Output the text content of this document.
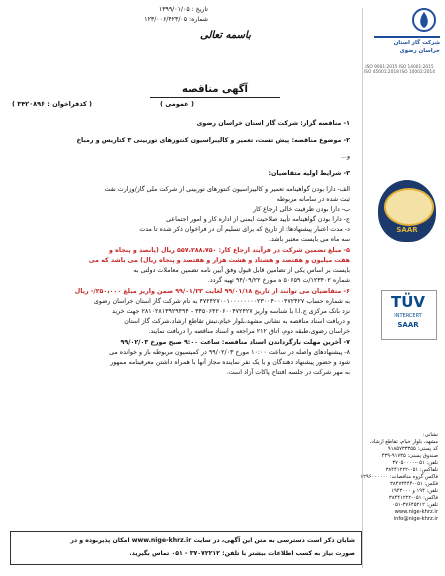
تاریخ : ۱۳۹۹/۰۱/۰۵
شماره: ۱۲۳/۰۰۶/۴۲۳/۰۵
باسمه تعالی
شرکت گاز استان
خراسان رضوی
آگهی مناقصه
( عمومی )
( کدفراخوان : ۳۴۲۰۸۹۶ )
۱- مناقصه گزار: شرکت گاز استان خراسان رضوی
۲- موضوع مناقصه: پیش تست، تعمیر و کالیبراسیون کنتورهای توربینی ۳ کتاریس و رمباخ
و...
۳- شرایط اولیه متقاضیان:
الف- دارا بودن گواهینامه تعمیر و کالیبراسیون کنتورهای توربینی از شرکت ملی گاز/وزارت نفت
ثبت شده در سامانه مربوطه
ب- دارا بودن ظرفیت خالی ارجاع کار
ج- دارا بودن گواهینامه تأیید صلاحیت ایمنی از اداره کار و امور اجتماعی
د- مدت اعتبار پیشنهادها: از تاریخ که برای تسلیم آن در فراخوان ذکر شده تا مدت
سه ماه می بایست معتبر باشد.
۵- مبلغ تضمین شرکت در فرآیند ارجاع کار: ۵۵۷،۲۸۸،۷۵۰ ریال (پانصد و پنجاه و
هفت میلیون و هفتصد و هشتاد و هشت هزار و هفتصد و پنجاه ریال) می باشد که می
بایست بر اساس یکی از تضامین قابل قبول وفق آیین نامه تضمین معاملات دولتی به
شماره ۱۲۳۴۰۲/ت ۵۰۶۵۹ ه مورخ ۹۴/۰۹/۲۲ تهیه گردد.
۶- متقاضیان می توانند از تاریخ ۹۹/۰۱/۱۸ لغایت ۹۹/۰۱/۲۳ ضمن واریز مبلغ ۲۵۰،۰۰۰/- ریال
به شماره حساب ۴۷۲۴۲۷۰۰۱۰۰۰۰۰۰۰۰۲۳۰۰۴۰۰۰۴۷۲۴۲۷ به نام شرکت گاز استان خراسان رضوی
نزد بانک مرکزی ج.ا.ا با شناسه واریز ۳۴۵۰۶۴۲۰۶۰۰۴۷۲۴۲۷ - ۲۸۱۰۲۸۱۳۹۲۹۴۹۴ جهت خرید
و دریافت اسناد مناقصه به نشانی مشهد،بلوار خیام،نبش تقاطع ارشاد،شرکت گاز استان
خراسان رضوی،طبقه دوم، اتاق ۲۱۲ مراجعه و اسناد مناقصه را دریافت نمایند.
۷- آخرین مهلت بازگرداندن اسناد مناقصه: ساعت ۹:۰۰ صبح مورخ ۹۹/۰۲/۰۳
۸- پیشنهادهای واصله در ساعت ۱۰:۰۰ مورخ ۹۹/۰۲/۰۳ در کمیسیون مربوطه باز و خوانده می
شود و حضور پیشنهاد دهندگان و یا یک نفر نماینده مجاز آنها با همراه داشتن معرفینامه ممهور
به مهر شرکت در جلسه افتتاح پاکات آزاد است.
ISO 9001:2015 ISO 14001:2015 ISO 45001:2018 ISO 10002:2014
SAAR
TÜV
INTERCERT
SAAR
نشانی:
مشهد، بلوار خیام، تقاطع ارشاد،
کد پستی: ۹۱۸۵۷۳۳۳۵۵
صندوق پستی: ۹۱۷۳۵-۴۳۹
تلفن: ۰۵۱-۳۷۰۵۰۰۰۰
تلفاکس: ۰۵۱-۳۸۴۴۱۲۲۲
فاکس گروه مناقصات: ۱۲۹۶۰۰۰۰۰۰
فکس: ۰۵۱-۳۸۴۷۳۴۴۴
تلفن: ۱۹۴ و ۱۹۴۳۰۰۰
فاکس: ۰۵۱-۳۸۴۴۱۲۲۲
تلفن: ۳۷۶۴۵۲۱۲-۰۵۱
www.nige-khrz.ir
info@nige-khrz.ir
شایان ذکر است دسترسی به متن این آگهی، در سایت www.nige-khrz.ir امکان پذیربوده و در
صورت نیاز به کسب اطلاعات بیشتر با تلفن: ۳۷۰۷۲۲۱۲ - ۰۵۱ تماس بگیرید.
